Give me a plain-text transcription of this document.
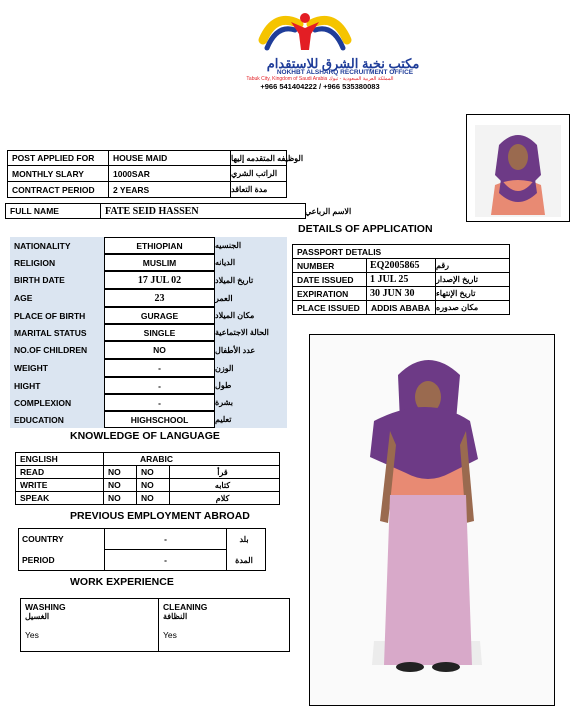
مكتب نخبة الشرق للاستقدام
NOKHBT ALSHARQ RECRUITMENT OFFICE
Tabuk City, Kingdom of Saudi Arabia المملكة العربية السعودية - تبوك
+966 541404222 / +966 535380083
POST APPLIED FOR	HOUSE MAID	الوظيفه المتقدمه إليها
MONTHLY SLARY	1000SAR	الراتب الشري
CONTRACT PERIOD	2 YEARS	مدة التعاقد
FULL NAME	FATE SEID HASSEN	الاسم الرباعي
DETAILS OF APPLICATION
NATIONALITY	ETHIOPIAN	الجنسيه
RELIGION	MUSLIM	الديانه
BIRTH DATE	17 JUL 02	تاريخ الميلاد
AGE	23	العمر
PLACE OF BIRTH	GURAGE	مكان الميلاد
MARITAL STATUS	SINGLE	الحالة الاجتماعية
NO.OF CHILDREN	NO	عدد الأطفال
WEIGHT	-	الوزن
HIGHT	-	طول
COMPLEXION	-	بشرة
EDUCATION	HIGHSCHOOL	تعليم
PASSPORT DETALIS
NUMBER	EQ2005865	رقم
DATE ISSUED	1 JUL 25	تاريخ الإصدار
EXPIRATION	30 JUN 30	تاريخ الإنتهاء
PLACE ISSUED	ADDIS ABABA مكان صدوره
KNOWLEDGE OF LANGUAGE
ENGLISH	ARABIC
READ	NO	NO	قرأ
WRITE	NO	NO	كتابه
SPEAK	NO	NO	كلام
PREVIOUS EMPLOYMENT ABROAD
COUNTRY	-	بلد
PERIOD	-	المدة
WORK EXPERIENCE
WASHING
الغسيل
Yes
CLEANING
النظافة
Yes
